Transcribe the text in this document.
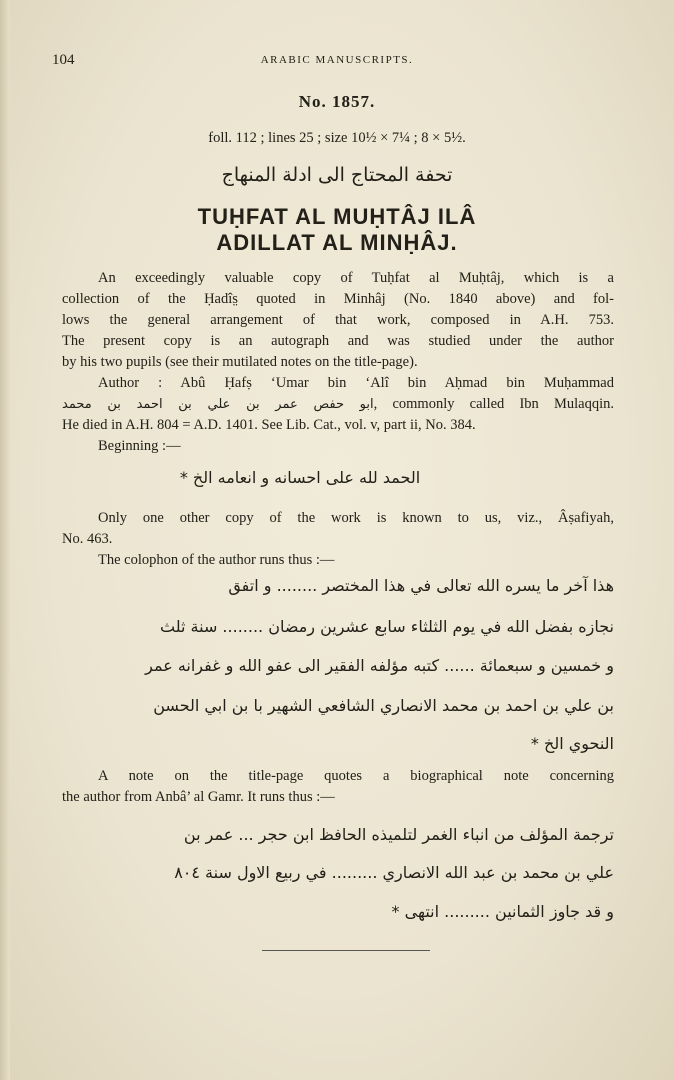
104	ARABIC MANUSCRIPTS.
No. 1857.
foll. 112 ; lines 25 ; size 10½ × 7¼ ; 8 × 5½.
تحفة المحتاج الى ادلة المنهاج
TUḤFAT AL MUḤTÂJ ILÂ
ADILLAT AL MINḤÂJ.
An exceedingly valuable copy of Tuḥfat al Muḥtâj, which is a
collection of the Ḥadîs̤ quoted in Minhâj (No. 1840 above) and fol-
lows the general arrangement of that work, composed in A.H. 753.
The present copy is an autograph and was studied under the author
by his two pupils (see their mutilated notes on the title-page).
Author : Abû Ḥafṣ ‘Umar bin ‘Alî bin Aḥmad bin Muḥammad
ابو حفص عمر بن علي بن احمد بن محمد, commonly called Ibn Mulaqqin.
He died in A.H. 804 = A.D. 1401. See Lib. Cat., vol. v, part ii, No. 384.
Beginning :—
الحمد لله على احسانه و انعامه الخ *
Only one other copy of the work is known to us, viz., Âṣafiyah,
No. 463.
The colophon of the author runs thus :—
هذا آخر ما يسره الله تعالى في هذا المختصر ........ و اتفق
نجازه بفضل الله في يوم الثلثاء سابع عشرين رمضان ........ سنة ثلث
و خمسين و سبعمائة ...... كتبه مؤلفه الفقير الى عفو الله و غفرانه عمر
بن علي بن احمد بن محمد الانصاري الشافعي الشهير با بن ابي الحسن
النحوي الخ *
A note on the title-page quotes a biographical note concerning
the author from Anbâ’ al Gamr. It runs thus :—
ترجمة المؤلف من انباء الغمر لتلميذه الحافظ ابن حجر ... عمر بن
علي بن محمد بن عبد الله الانصاري ......... في ربيع الاول سنة ٨٠٤
و قد جاوز الثمانين ......... انتهى *
